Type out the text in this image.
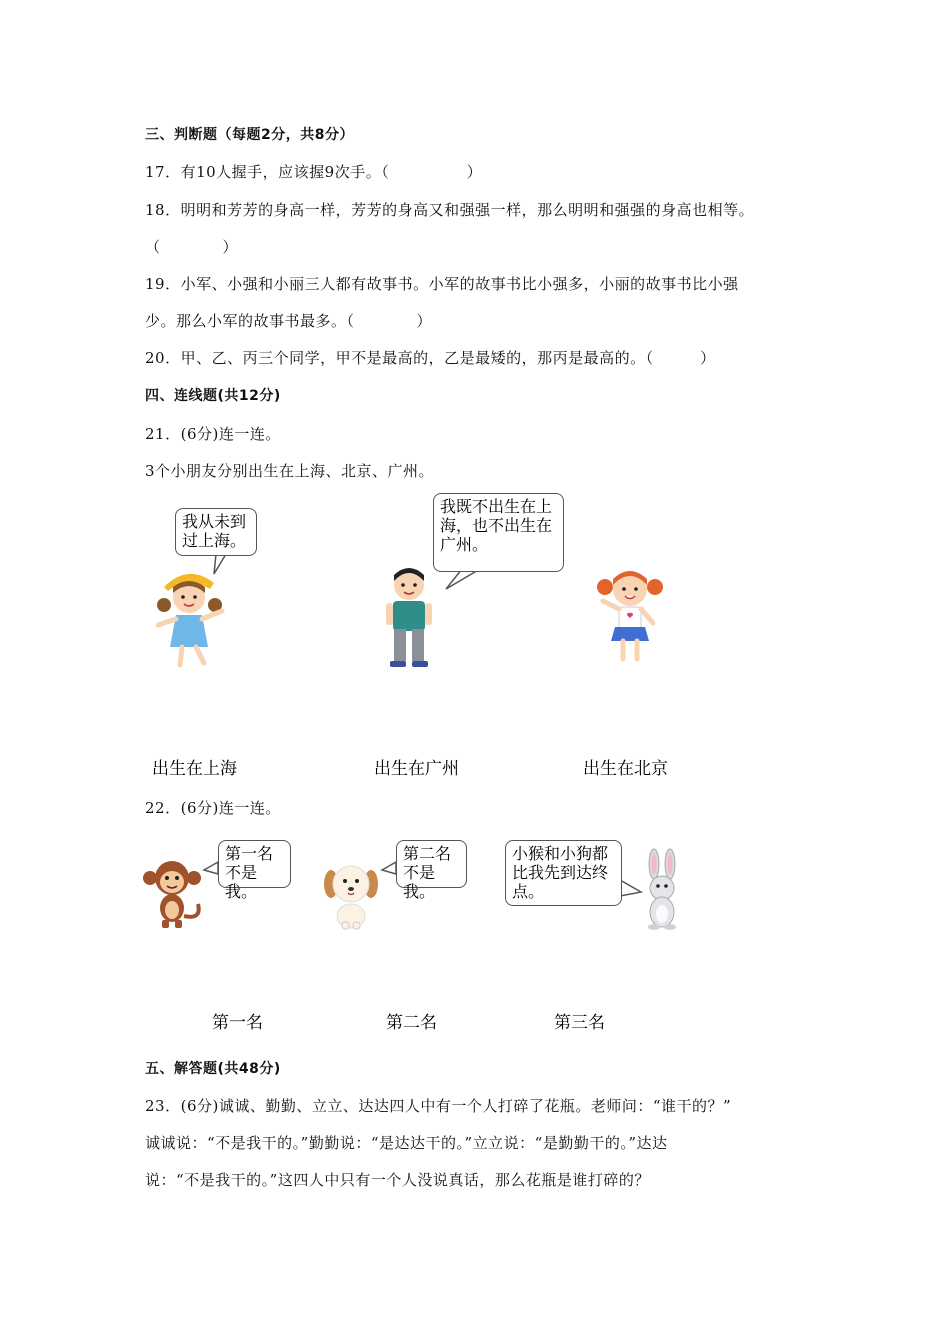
三、判断题（每题2分，共8分）
17．有10人握手，应该握9次手。（　　　　　）
18．明明和芳芳的身高一样，芳芳的身高又和强强一样，那么明明和强强的身高也相等。
（　　　　）
19．小军、小强和小丽三人都有故事书。小军的故事书比小强多，小丽的故事书比小强
少。那么小军的故事书最多。（　　　　）
20．甲、乙、丙三个同学，甲不是最高的，乙是最矮的，那丙是最高的。（　　　）
四、连线题(共12分)
21．(6分)连一连。
3个小朋友分别出生在上海、北京、广州。
我从未到
过上海。
我既不出生在上
海，也不出生在
广州。
出生在上海	出生在广州	出生在北京
22．(6分)连一连。
第一名
不是我。
第二名
不是我。
小猴和小狗都
比我先到达终
点。
第一名	第二名	第三名
五、解答题(共48分)
23．(6分)诚诚、勤勤、立立、达达四人中有一个人打碎了花瓶。老师问：“谁干的？”
诚诚说：“不是我干的。”勤勤说：“是达达干的。”立立说：“是勤勤干的。”达达
说：“不是我干的。”这四人中只有一个人没说真话，那么花瓶是谁打碎的？
